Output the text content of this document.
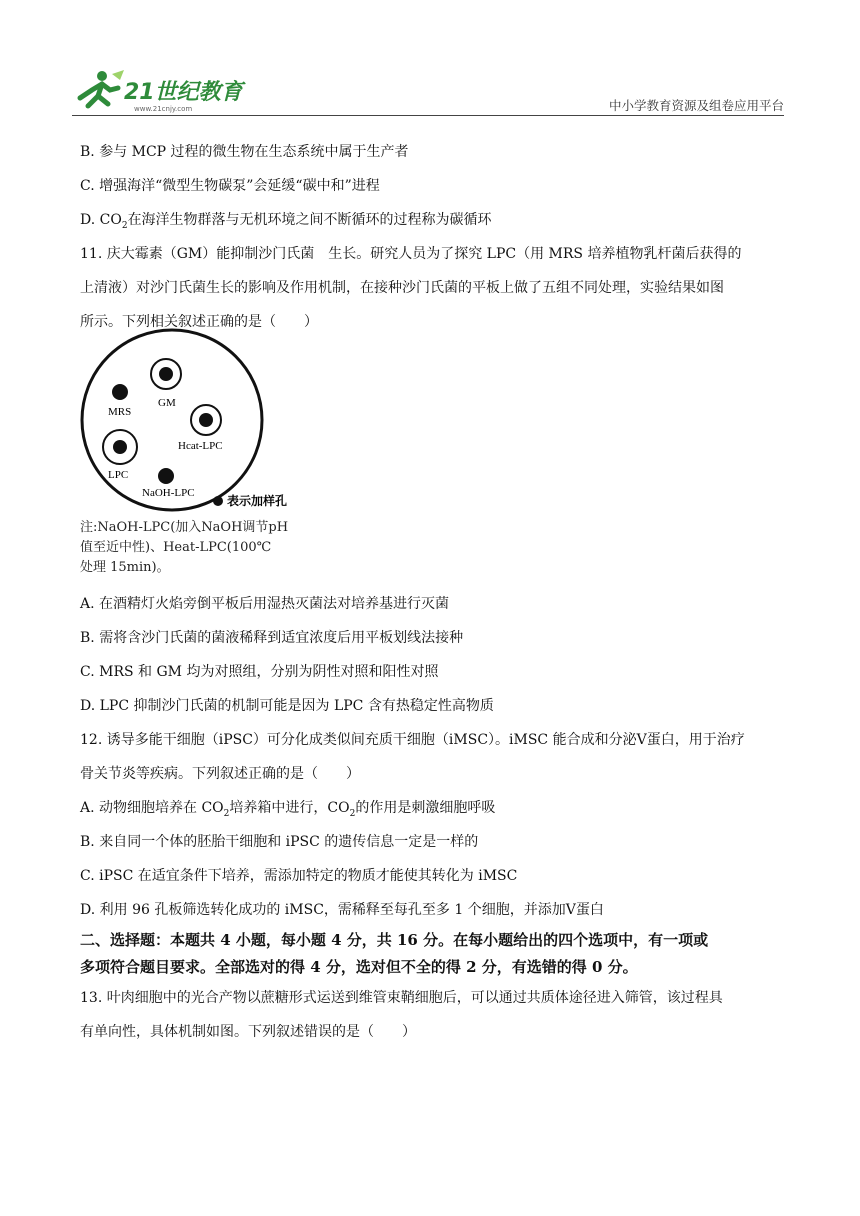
21世纪教育
www.21cnjy.com	中小学教育资源及组卷应用平台
B. 参与 MCP 过程的微生物在生态系统中属于生产者
C. 增强海洋“微型生物碳泵”会延缓“碳中和”进程
D. $CO_2$在海洋生物群落与无机环境之间不断循环的过程称为碳循环
11. 庆大霉素（GM）能抑制沙门氏菌　生长。研究人员为了探究 LPC（用 MRS 培养植物乳杆菌后获得的
上清液）对沙门氏菌生长的影响及作用机制，在接种沙门氏菌的平板上做了五组不同处理，实验结果如图
所示。下列相关叙述正确的是（　　）
GM
MRS
Hcat-LPC
LPC
NaOH-LPC
表示加样孔
注:NaOH-LPC(加入NaOH调节pH
值至近中性)、Heat-LPC(100℃
处理 15min)。
A. 在酒精灯火焰旁倒平板后用湿热灭菌法对培养基进行灭菌
B. 需将含沙门氏菌的菌液稀释到适宜浓度后用平板划线法接种
C. MRS 和 GM 均为对照组，分别为阴性对照和阳性对照
D. LPC 抑制沙门氏菌的机制可能是因为 LPC 含有热稳定性高物质
12. 诱导多能干细胞（iPSC）可分化成类似间充质干细胞（iMSC）。iMSC 能合成和分泌Ⅴ蛋白，用于治疗
骨关节炎等疾病。下列叙述正确的是（　　）
A. 动物细胞培养在 $CO_2$培养箱中进行，$CO_2$的作用是刺激细胞呼吸
B. 来自同一个体的胚胎干细胞和 iPSC 的遗传信息一定是一样的
C. iPSC 在适宜条件下培养，需添加特定的物质才能使其转化为 iMSC
D. 利用 96 孔板筛选转化成功的 iMSC，需稀释至每孔至多 1 个细胞，并添加Ⅴ蛋白
二、选择题：本题共 4 小题，每小题 4 分，共 16 分。在每小题给出的四个选项中，有一项或
多项符合题目要求。全部选对的得 4 分，选对但不全的得 2 分，有选错的得 0 分。
13. 叶肉细胞中的光合产物以蔗糖形式运送到维管束鞘细胞后，可以通过共质体途径进入筛管，该过程具
有单向性，具体机制如图。下列叙述错误的是（　　）
